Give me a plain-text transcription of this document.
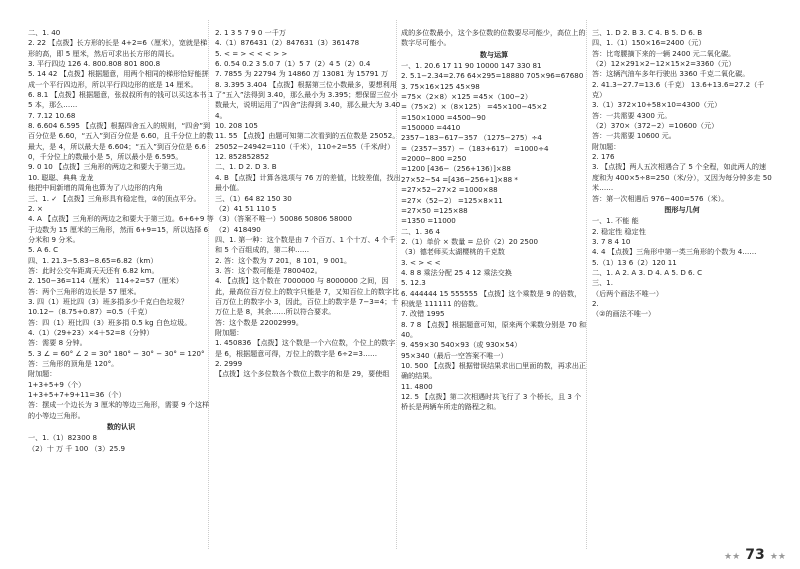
二、1. 40

2. 22 【点拨】长方形的长是 4+2=6（厘米），宽就是梯形的高，即 5 厘米，然后可求出长方形的周长。

3. 平行四边 126 4. 800.808 801 800.8

5. 14 42 【点拨】根据题意，用两个相同的梯形恰好能拼成一个平行四边形，所以平行四边形的底是 14 厘米。

6. 8.1 【点拨】根据题意，张叔叔所有的钱可以买这本书 15 本，那么……

7. 7.12 10.68

8. 6.604 6.595 【点拨】根据四舍五入的规则，“四舍”到百分位是 6.60，“五入”到百分位是 6.60，且千分位上的数最大，是 4，所以最大是 6.604；“五入”到百分位是 6.60，千分位上的数最小是 5，所以最小是 6.595。

9. 0 10 【点拨】三角形的两边之和要大于第三边。

10. 聪聪、典典 龙龙

他把中间新增的周角也算为了八边形的内角

三、1. ✓ 【点拨】三角形具有稳定性，②的顶点平分。

2. ×

4. A 【点拨】三角形的两边之和要大于第三边。6+6+9 等于边数为 15 厘米的三角形，然而 6+9=15，所以选择 6 分米和 9 分米。

5. A 6. C

四、1. 21.3−5.83−8.65=6.82（km）

答：此时公交车距离天天还有 6.82 km。

2. 150−36=114（厘米） 114÷2=57（厘米）

答：两个三角形的边长是 57 厘米。

3. 四（1）班比四（3）班多捐多少千克白色垃圾？

10.12−（8.75+0.87）=0.5（千克）

答：四（1）班比四（3）班多捐 0.5 kg 白色垃圾。

4.（1）（29+23）×4＋52=8（分钟）

答：需要 8 分钟。

5. 3 ∠ = 60° ∠ 2 = 30° 180° − 30° − 30° = 120°

答：三角形的顶角是 120°。

附加题：

1+3+5+9（个）

1+3+5+7+9+11=36（个）

答：摆成一个边长为 3 厘米的等边三角形，需要 9 个这样的小等边三角形。

数的认识

一、1.（1）82300 8

（2）十 万 千 100 （3）25.9

2. 1 3 5 7 9 0 一千万

4.（1）876431（2）847631（3）361478

5. < = > < < < > >

6. 0.54 0.2 3 5.0 7（1）5 7（2）4 5（2）0.4

7. 7855 为 22794 为 14860 万 13081 为 15791 万

8. 3.395 3.404 【点拨】根据第三位小数最多，要想利用了“五入”法得到 3.40，那么最小为 3.395；想保留三位小数最大，说明运用了“四舍”法得到 3.40，那么最大为 3.404。

10. 208 105

11. 55 【点拨】由题可知第二次看到的五位数是 25052。

25052−24942=110（千米），110÷2=55（千米/时）

12. 852852852

二、1. D 2. D 3. B

4. B 【点拨】计算各选项与 76 万的差值，比较差值，找出最小值。

三、（1）64 82 150 30

（2）41 51 110 5

（3）（答案不唯一）50086 50806 58000

（2）418490

四、1. 第一种：这个数是由 7 个百万、1 个十万、4 个千和 5 个百组成的，第二种……

2. 答：这个数为 7 201，8 101，9 001。

3. 答：这个数可能是 7800402。

4. 【点拨】这个数在 7000000 与 8000000 之间，因此，最高位百万位上的数字只能是 7，又知百位上的数字比百万位上的数字小 3，因此，百位上的数字是 7−3=4；十万位上是 8，其余……所以符合要求。

答：这个数是 22002999。

附加题：

1. 450836 【点拨】这个数是一个六位数，个位上的数字是 6，根据题意可得，万位上的数字是 6÷2=3……

2. 2999

【点拨】这个多位数各个数位上数字的和是 29，要使组

成的多位数最小，这个多位数的位数要尽可能少，高位上的数字尽可能小。

数与运算

一、1. 20.6 17 11 90 10000 147 330 81

2. 5.1−2.34=2.76 64×295=18880 705×96=67680

3. 75×16×125 45×98

=75×（2×8）×125 =45×（100−2）

=（75×2）×（8×125） =45×100−45×2

=150×1000 =4500−90

=150000 =4410

2357−183−617−357 （1275−275）÷4

=（2357−357）−（183+617） =1000÷4

=2000−800 =250

=1200 [436−（256+136）]×88

27×52−54 =[436−256+1]×88 *

=27×52−27×2 =1000×88

=27×（52−2） =125×8×11

=27×50 =125×88

=1350 =11000

二、1. 36 4

2.（1）单价 × 数量 = 总价（2）20 2500

（3）德老师买太湖樱桃的千克数

3. < > < <

4. 8 8 乘法分配 25 4 12 乘法交换

5. 12.3

6. 444444 15 555555 【点拨】这个乘数是 9 的倍数，积就是 111111 的倍数。

7. 改错 1995

8. 7 8 【点拨】根据题意可知，原来两个乘数分别是 70 和 40。

9. 459×30 540×93（或 930×54）

95×340（最后一空答案不唯一）

10. 500 【点拨】根据错误结果求出□里面的数，再求出正确的结果。

11. 4800

12. 5 【点拨】第二次相遇时共飞行了 3 个桥长，且 3 个桥长是两辆车所走的路程之和。

三、1. D 2. B 3. C 4. B 5. D 6. B

四、1.（1）150×16=2400（元）

答：比弯腰摘下来的一辆 2400 元二氧化碳。

（2）12×291×2−12×15×2=3360（元）

答：这辆汽油车多年行驶出 3360 千克二氧化碳。

2. 41.3−27.7=13.6（千克） 13.6+13.6=27.2（千克）

3.（1）372×10+58×10=4300（元）

答：一共需要 4300 元。

（2）370×（372−2）=10600（元）

答：一共需要 10600 元。

附加题：

2. 176

3. 【点拨】两人五次相遇合了 5 个全程，如此两人的速度和为 400×5÷8=250（米/分），又因为每分钟多走 50 米……

答：第一次相遇后 976−400=576（米）。

图形与几何

一、1. 不能 能

2. 稳定性 稳定性

3. 7 8 4 10

4. 4 【点拨】三角形中第一类三角形的个数为 4……

5.（1）13 6（2）120 11

二、1. A 2. A 3. D 4. A 5. D 6. C

三、1.

（后两个画法不唯一）

2.

（②的画法不唯一）

★★ 73 ★★
